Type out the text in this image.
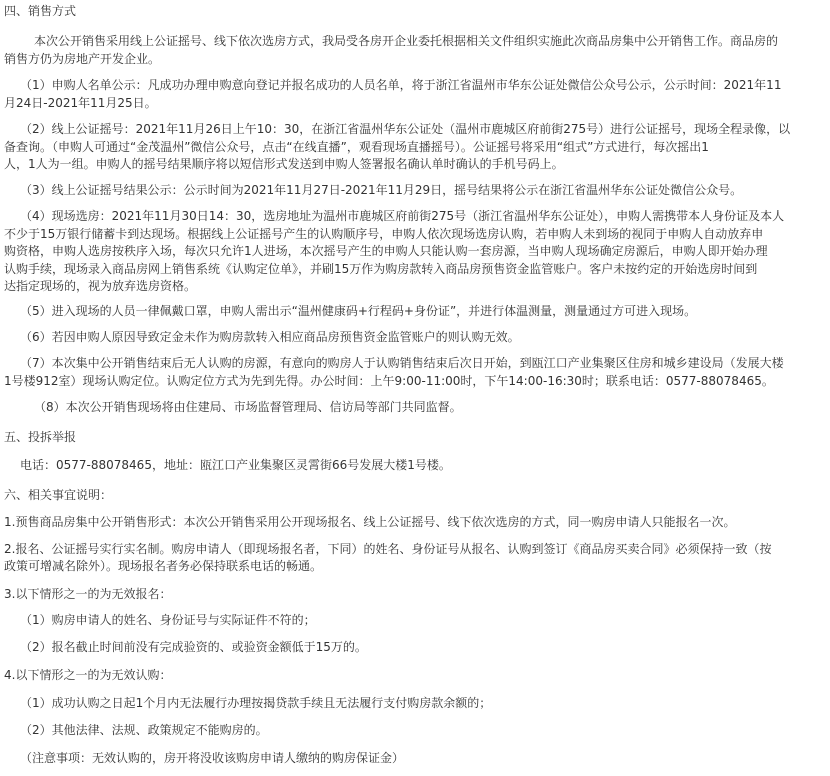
四、销售方式
本次公开销售采用线上公证摇号、线下依次选房方式，我局受各房开企业委托根据相关文件组织实施此次商品房集中公开销售工作。商品房的
销售方仍为房地产开发企业。
（1）申购人名单公示：凡成功办理申购意向登记并报名成功的人员名单，将于浙江省温州市华东公证处微信公众号公示，公示时间：2021年11
月24日-2021年11月25日。
（2）线上公证摇号：2021年11月26日上午10：30，在浙江省温州华东公证处（温州市鹿城区府前街275号）进行公证摇号，现场全程录像，以
备查询。（申购人可通过“金茂温州”微信公众号，点击“在线直播”，观看现场直播摇号）。公证摇号将采用“组式”方式进行，每次摇出1
人，1人为一组。申购人的摇号结果顺序将以短信形式发送到申购人签署报名确认单时确认的手机号码上。
（3）线上公证摇号结果公示：公示时间为2021年11月27日-2021年11月29日，摇号结果将公示在浙江省温州华东公证处微信公众号。
（4）现场选房：2021年11月30日14：30，选房地址为温州市鹿城区府前街275号（浙江省温州华东公证处），申购人需携带本人身份证及本人
不少于15万银行储蓄卡到达现场。根据线上公证摇号产生的认购顺序号，申购人依次现场选房认购，若申购人未到场的视同于申购人自动放弃申
购资格，申购人选房按秩序入场，每次只允许1人进场，本次摇号产生的申购人只能认购一套房源，当申购人现场确定房源后，申购人即开始办理
认购手续，现场录入商品房网上销售系统《认购定位单》，并刷15万作为购房款转入商品房预售资金监管账户。客户未按约定的开始选房时间到
达指定现场的，视为放弃选房资格。
（5）进入现场的人员一律佩戴口罩，申购人需出示“温州健康码+行程码+身份证”，并进行体温测量，测量通过方可进入现场。
（6）若因申购人原因导致定金未作为购房款转入相应商品房预售资金监管账户的则认购无效。
（7）本次集中公开销售结束后无人认购的房源，有意向的购房人于认购销售结束后次日开始，到瓯江口产业集聚区住房和城乡建设局（发展大楼
1号楼912室）现场认购定位。认购定位方式为先到先得。办公时间：上午9:00-11:00时，下午14:00-16:30时；联系电话：0577-88078465。
（8）本次公开销售现场将由住建局、市场监督管理局、信访局等部门共同监督。
五、投拆举报
电话：0577-88078465，地址：瓯江口产业集聚区灵霄街66号发展大楼1号楼。
六、相关事宜说明：
1.预售商品房集中公开销售形式：本次公开销售采用公开现场报名、线上公证摇号、线下依次选房的方式，同一购房申请人只能报名一次。
2.报名、公证摇号实行实名制。购房申请人（即现场报名者，下同）的姓名、身份证号从报名、认购到签订《商品房买卖合同》必须保持一致（按
政策可增减名除外）。现场报名者务必保持联系电话的畅通。
3.以下情形之一的为无效报名：
（1）购房申请人的姓名、身份证号与实际证件不符的；
（2）报名截止时间前没有完成验资的、或验资金额低于15万的。
4.以下情形之一的为无效认购：
（1）成功认购之日起1个月内无法履行办理按揭贷款手续且无法履行支付购房款余额的；
（2）其他法律、法规、政策规定不能购房的。
（注意事项：无效认购的，房开将没收该购房申请人缴纳的购房保证金）
